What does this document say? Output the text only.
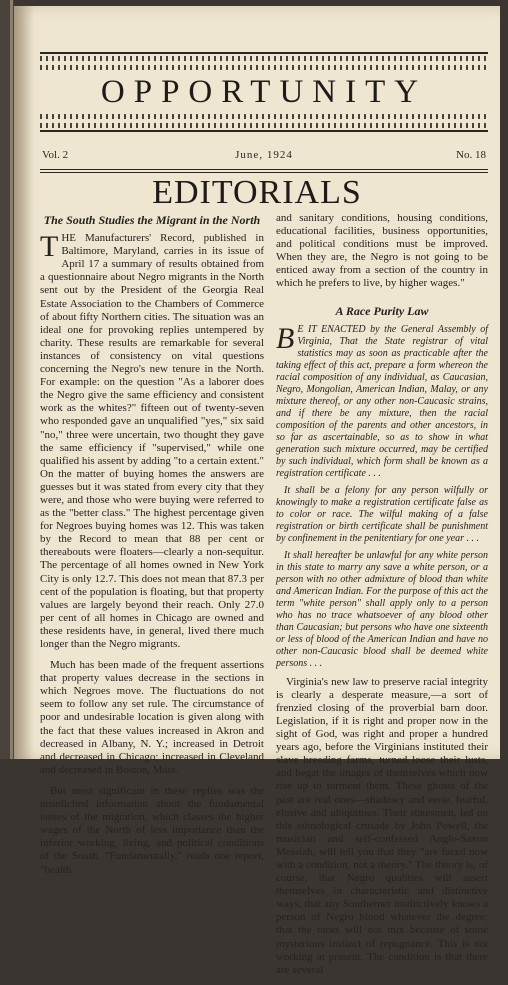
OPPORTUNITY
Vol. 2	June, 1924	No. 18
EDITORIALS
The South Studies the Migrant in the North

THE Manufacturers' Record, published in Baltimore, Maryland, carries in its issue of April 17 a summary of results obtained from a questionnaire about Negro migrants in the North sent out by the President of the Georgia Real Estate Association to the Chambers of Commerce of about fifty Northern cities. The situation was an ideal one for provoking replies untempered by charity. These results are remarkable for several instances of consistency on vital questions concerning the Negro's new tenure in the North. For example: on the question "As a laborer does the Negro give the same efficiency and consistent work as the whites?" fifteen out of twenty-seven who responded gave an unqualified "yes," six said "no," three were uncertain, two thought they gave the same efficiency if "supervised," while one qualified his assent by adding "to a certain extent." On the matter of buying homes the answers are guesses but it was stated from every city that they were, and those who were buying were referred to as the "better class." The highest percentage given for Negroes buying homes was 12. This was taken by the Record to mean that 88 per cent or thereabouts were floaters—clearly a non-sequitur. The percentage of all homes owned in New York City is only 12.7. This does not mean that 87.3 per cent of the population is floating, but that property values are largely beyond their reach. Only 27.0 per cent of all homes in Chicago are owned and these residents have, in general, lived there much longer than the Negro migrants.

Much has been made of the frequent assertions that property values decrease in the sections in which Negroes move. The fluctuations do not seem to follow any set rule. The circumstance of poor and undesirable location is given along with the fact that these values increased in Akron and decreased in Albany, N. Y.; increased in Detroit and decreased in Chicago; increased in Cleveland and decreased in Boston, Mass.

But most significant in these replies was the unsolicited information about the fundamental issues of the migration, which classes the higher wages of the North of less importance than the inferior working, living, and political conditions of the South. "Fundamentally," reads one report, "health

and sanitary conditions, housing conditions, educational facilities, business opportunities, and political conditions must be improved. When they are, the Negro is not going to be enticed away from a section of the country in which he prefers to live, by higher wages."

A Race Purity Law

B E IT ENACTED by the General Assembly of Virginia, That the State registrar of vital statistics may as soon as practicable after the taking effect of this act, prepare a form whereon the racial composition of any individual, as Caucasian, Negro, Mongolian, American Indian, Malay, or any mixture thereof, or any other non-Caucasic strains, and if there be any mixture, then the racial composition of the parents and other ancestors, in so far as ascertainable, so as to show in what generation such mixture occurred, may be certified by such individual, which form shall be known as a registration certificate . . .

It shall be a felony for any person wilfully or knowingly to make a registration certificate false as to color or race. The wilful making of a false registration or birth certificate shall be punishment by confinement in the penitentiary for one year . . .

It shall hereafter be unlawful for any white person in this state to marry any save a white person, or a person with no other admixture of blood than white and American Indian. For the purpose of this act the term "white person" shall apply only to a person who has no trace whatsoever of any blood other than Caucasian; but persons who have one sixteenth or less of blood of the American Indian and have no other non-Caucasic blood shall be deemed white persons . . .

Virginia's new law to preserve racial integrity is clearly a desperate measure,—a sort of frenzied closing of the proverbial barn door. Legislation, if it is right and proper now in the sight of God, was right and proper a hundred years ago, before the Virginians instituted their slave breeding farms, turned loose their lusts, and begat the images of themselves which now rise up to torment them. These ghosts of the past are real ones—shadowy and eerie, fearful, elusive and ubiquitous. Their statesmen, led on this ethnological crusade by John Powell, the musician and self-confessed Anglo-Saxon Messiah, will tell you that they "are faced now with a condition, not a theory." The theory is, of course, that Negro qualities will assert themselves in characteristic and distinctive ways; that any Southerner instinctively knows a person of Negro blood whatever the degree; that the races will not mix because of some mysterious instinct of repugnance. This is not working at present. The condition is that there are several
